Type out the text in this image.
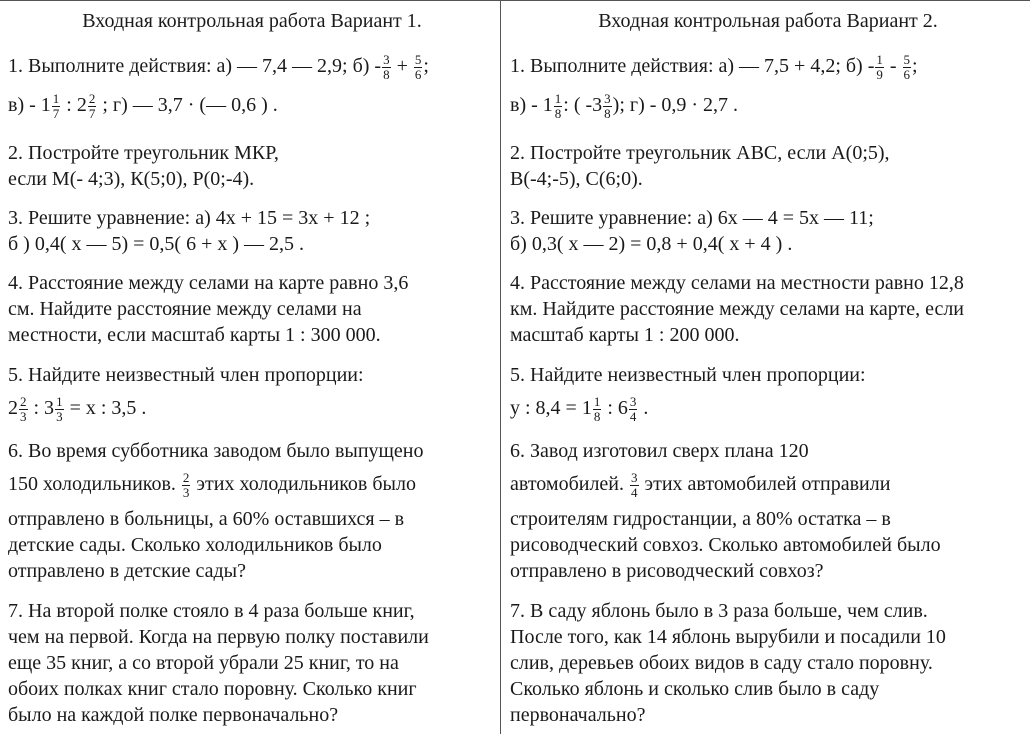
Входная контрольная работа Вариант 1.
1. Выполните действия: а) — 7,4 — 2,9; $б) - \frac{3}{8} + \frac{5}{6}$ ;
$в) - 1 \frac{1}{7}$ : $2 \frac{2}{7}$ ; г) — 3,7 · (— 0,6 ) .
2. Постройте треугольник МКР,
если М(- 4;3), К(5;0), Р(0;-4).
3. Решите уравнение: а) 4х + 15 = 3х + 12 ;
б ) 0,4( х — 5) = 0,5( 6 + х ) — 2,5 .
4. Расстояние между селами на карте равно 3,6
см. Найдите расстояние между селами на
местности, если масштаб карты 1 : 300 000.
5. Найдите неизвестный член пропорции:
$2 \frac{2}{3}$ : $3 \frac{1}{3} = х$ : 3,5 .
6. Во время субботника заводом было выпущено
150 холодильников. $\frac{2}{3}$ этих холодильников было
отправлено в больницы, а 60% оставшихся – в
детские сады. Сколько холодильников было
отправлено в детские сады?
7. На второй полке стояло в 4 раза больше книг,
чем на первой. Когда на первую полку поставили
еще 35 книг, а со второй убрали 25 книг, то на
обоих полках книг стало поровну. Сколько книг
было на каждой полке первоначально?
Входная контрольная работа Вариант 2.
1. Выполните действия: а) — 7,5 + 4,2; $б) - \frac{1}{9} - \frac{5}{6}$ ;
$в) - 1 \frac{1}{8}$ : ( $-3 \frac{3}{8}$ ); г) - 0,9 · 2,7 .
2. Постройте треугольник АВС, если А(0;5),
В(-4;-5), С(6;0).
3. Решите уравнение: а) 6х — 4 = 5х — 11;
б) 0,3( х — 2) = 0,8 + 0,4( х + 4 ) .
4. Расстояние между селами на местности равно 12,8
км. Найдите расстояние между селами на карте, если
масштаб карты 1 : 200 000.
5. Найдите неизвестный член пропорции:
у : $8,4 = 1 \frac{1}{8}$ : $6 \frac{3}{4}$ .
6. Завод изготовил сверх плана 120
автомобилей. $\frac{3}{4}$ этих автомобилей отправили
строителям гидростанции, а 80% остатка – в
рисоводческий совхоз. Сколько автомобилей было
отправлено в рисоводческий совхоз?
7. В саду яблонь было в 3 раза больше, чем слив.
После того, как 14 яблонь вырубили и посадили 10
слив, деревьев обоих видов в саду стало поровну.
Сколько яблонь и сколько слив было в саду
первоначально?
